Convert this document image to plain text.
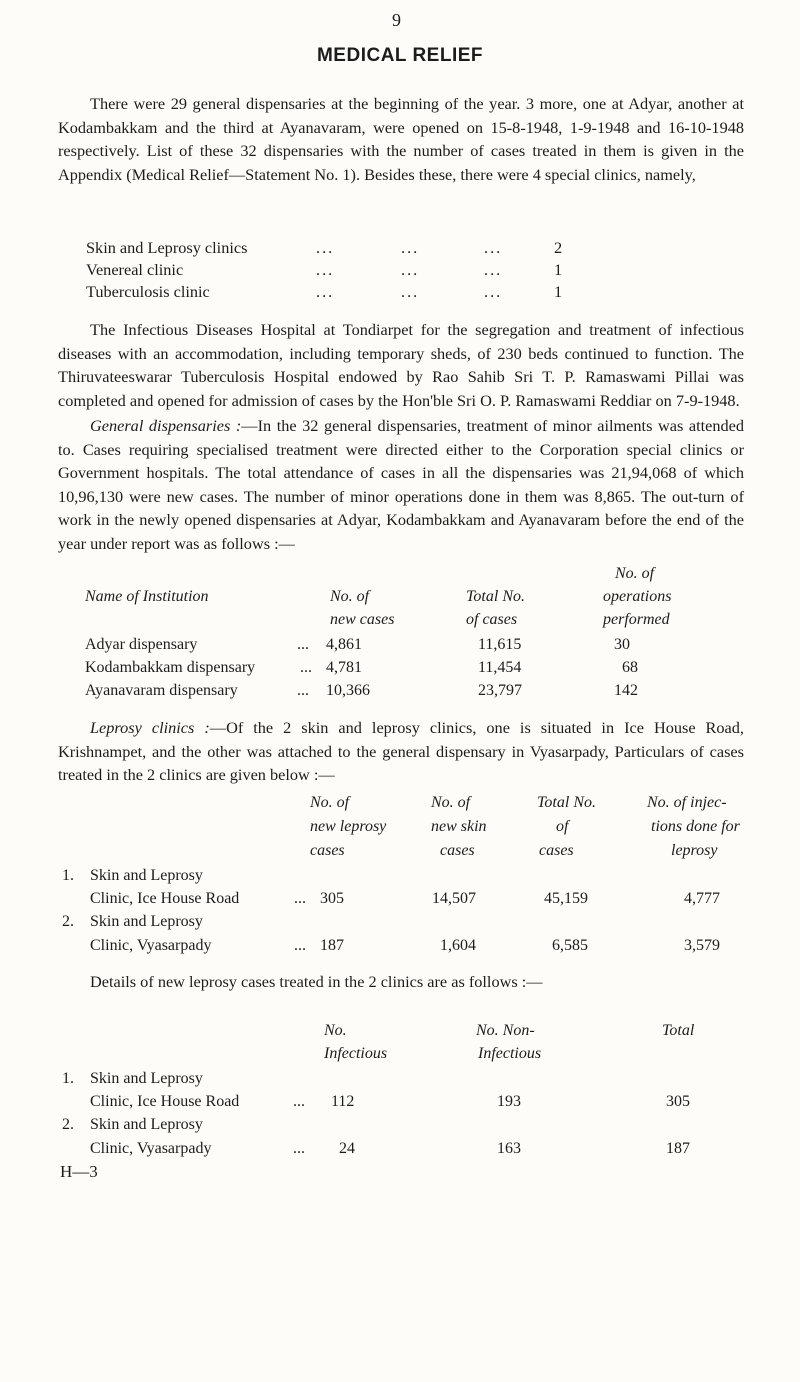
9
MEDICAL RELIEF
There were 29 general dispensaries at the beginning of the year. 3 more, one at Adyar, another at Kodambakkam and the third at Ayanavaram, were opened on 15-8-1948, 1-9-1948 and 16-10-1948 respectively. List of these 32 dispensaries with the number of cases treated in them is given in the Appendix (Medical Relief—Statement No. 1). Besides these, there were 4 special clinics, namely,
Skin and Leprosy clinics	...	...	...	2
Venereal clinic	...	...	...	1
Tuberculosis clinic	...	...	...	1
The Infectious Diseases Hospital at Tondiarpet for the segregation and treatment of infectious diseases with an accommodation, including temporary sheds, of 230 beds continued to function. The Thiruvateeswarar Tuberculosis Hospital endowed by Rao Sahib Sri T. P. Ramaswami Pillai was completed and opened for admission of cases by the Hon'ble Sri O. P. Ramaswami Reddiar on 7-9-1948.
General dispensaries :—In the 32 general dispensaries, treatment of minor ailments was attended to. Cases requiring specialised treatment were directed either to the Corporation special clinics or Government hospitals. The total attendance of cases in all the dispensaries was 21,94,068 of which 10,96,130 were new cases. The number of minor operations done in them was 8,865. The out-turn of work in the newly opened dispensaries at Adyar, Kodambakkam and Ayanavaram before the end of the year under report was as follows :—
No. of
Name of Institution	No. of	Total No.	operations
new cases	of cases	performed
Adyar dispensary	... 4,861	11,615	30
Kodambakkam dispensary	... 4,781	11,454	68
Ayanavaram dispensary	... 10,366	23,797	142
Leprosy clinics :—Of the 2 skin and leprosy clinics, one is situated in Ice House Road, Krishnampet, and the other was attached to the general dispensary in Vyasarpady, Particulars of cases treated in the 2 clinics are given below :—
No. of	No. of	Total No.	No. of injec-
new leprosy	new skin	of	tions done for
cases	cases	cases	leprosy
1. Skin and Leprosy
Clinic, Ice House Road	... 305	14,507	45,159	4,777
2. Skin and Leprosy
Clinic, Vyasarpady	... 187	1,604	6,585	3,579
Details of new leprosy cases treated in the 2 clinics are as follows :—
No.	No. Non-	Total
Infectious	Infectious
1. Skin and Leprosy
Clinic, Ice House Road	... 112	193	305
2. Skin and Leprosy
Clinic, Vyasarpady	... 24	163	187
H—3
